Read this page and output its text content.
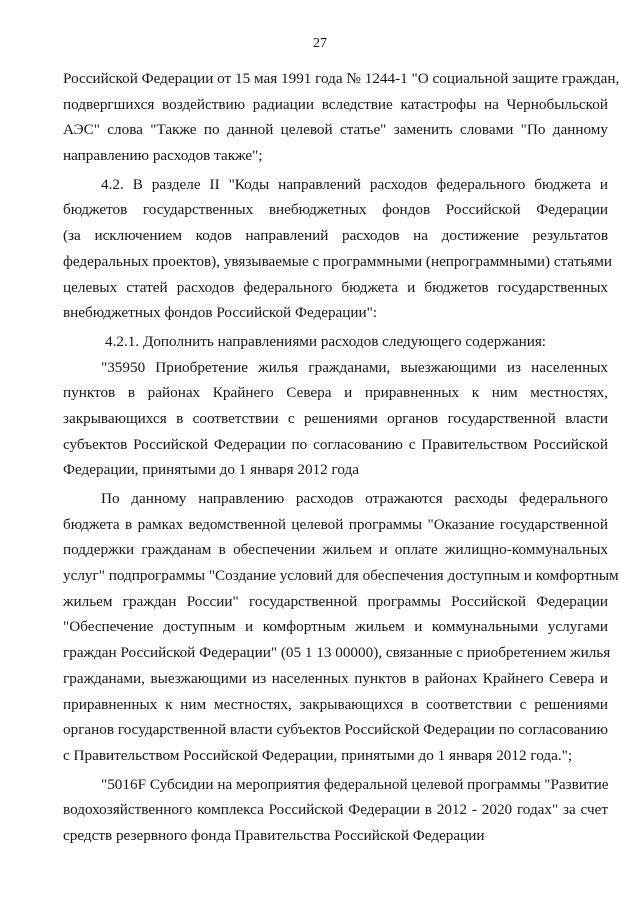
27
Российской Федерации от 15 мая 1991 года № 1244-1 "О социальной защите граждан,
подвергшихся воздействию радиации вследствие катастрофы на Чернобыльской
АЭС" слова "Также по данной целевой статье" заменить словами "По данному
направлению расходов также";
4.2. В разделе II "Коды направлений расходов федерального бюджета и
бюджетов государственных внебюджетных фондов Российской Федерации
(за исключением кодов направлений расходов на достижение результатов
федеральных проектов), увязываемые с программными (непрограммными) статьями
целевых статей расходов федерального бюджета и бюджетов государственных
внебюджетных фондов Российской Федерации":
4.2.1. Дополнить направлениями расходов следующего содержания:
"35950 Приобретение жилья гражданами, выезжающими из населенных
пунктов в районах Крайнего Севера и приравненных к ним местностях,
закрывающихся в соответствии с решениями органов государственной власти
субъектов Российской Федерации по согласованию с Правительством Российской
Федерации, принятыми до 1 января 2012 года
По данному направлению расходов отражаются расходы федерального
бюджета в рамках ведомственной целевой программы "Оказание государственной
поддержки гражданам в обеспечении жильем и оплате жилищно-коммунальных
услуг" подпрограммы "Создание условий для обеспечения доступным и комфортным
жильем граждан России" государственной программы Российской Федерации
"Обеспечение доступным и комфортным жильем и коммунальными услугами
граждан Российской Федерации" (05 1 13 00000), связанные с приобретением жилья
гражданами, выезжающими из населенных пунктов в районах Крайнего Севера и
приравненных к ним местностях, закрывающихся в соответствии с решениями
органов государственной власти субъектов Российской Федерации по согласованию
с Правительством Российской Федерации, принятыми до 1 января 2012 года.";
"5016F Субсидии на мероприятия федеральной целевой программы "Развитие
водохозяйственного комплекса Российской Федерации в 2012 - 2020 годах" за счет
средств резервного фонда Правительства Российской Федерации
